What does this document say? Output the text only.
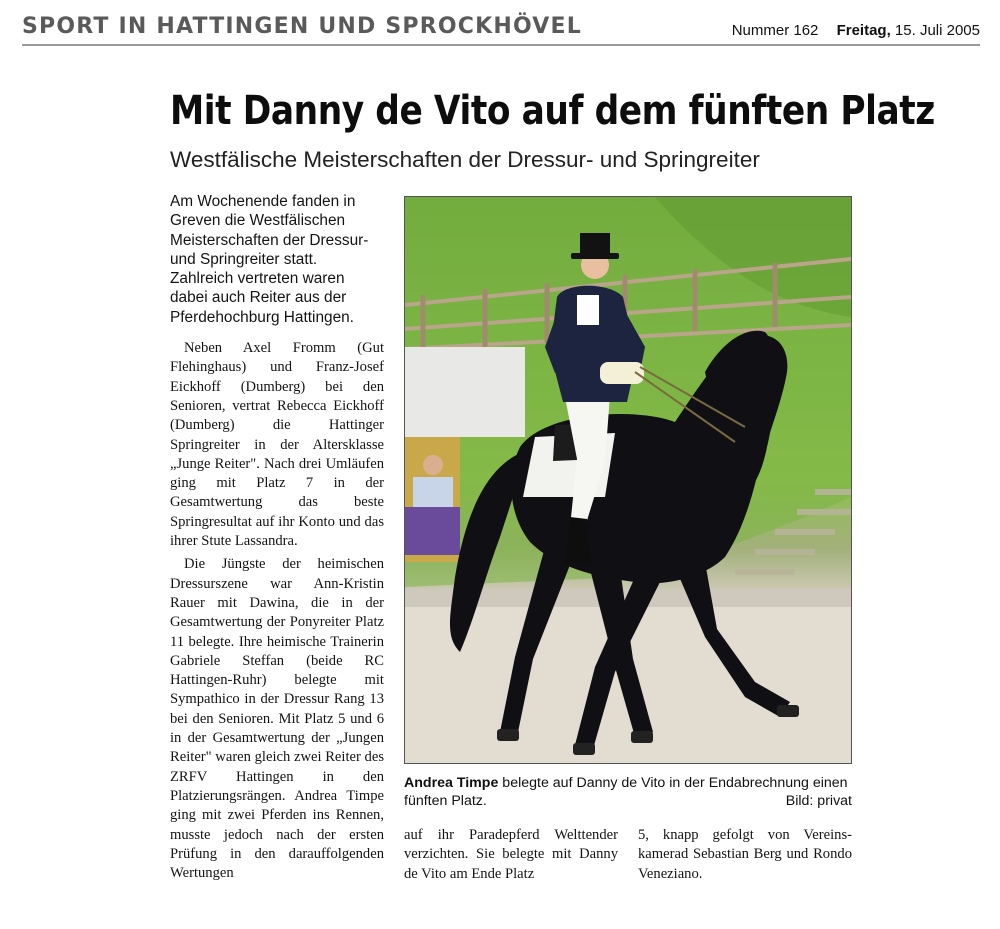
SPORT IN HATTINGEN UND SPROCKHÖVEL	Nummer 162 Freitag, 15. Juli 2005
Mit Danny de Vito auf dem fünften Platz
Westfälische Meisterschaften der Dressur- und Springreiter

Am Wochenende fanden in Greven die Westfälischen Meisterschaften der Dressur- und Springreiter statt. Zahlreich vertreten waren dabei auch Reiter aus der Pferdehochburg Hattingen.

Neben Axel Fromm (Gut Flehinghaus) und Franz-Josef Eickhoff (Dumberg) bei den Senioren, vertrat Rebecca Eickhoff (Dumberg) die Hattinger Springreiter in der Altersklasse „Junge Reiter". Nach drei Umläufen ging mit Platz 7 in der Gesamtwertung das beste Springresultat auf ihr Konto und das ihrer Stute Lassandra.

Die Jüngste der heimischen Dressurszene war Ann-Kristin Rauer mit Dawina, die in der Gesamtwertung der Ponyreiter Platz 11 belegte. Ihre heimische Trainerin Gabriele Steffan (beide RC Hattingen-Ruhr) belegte mit Sympathico in der Dressur Rang 13 bei den Senioren. Mit Platz 5 und 6 in der Gesamtwertung der „Jungen Reiter" waren gleich zwei Reiter des ZRFV Hattingen in den Platzierungsrängen. Andrea Timpe ging mit zwei Pferden ins Rennen, musste jedoch nach der ersten Prüfung in den darauffolgenden Wertungen

Andrea Timpe belegte auf Danny de Vito in der Endabrechnung einen fünften Platz.	Bild: privat

auf ihr Paradepferd Welttender verzichten. Sie belegte mit Danny de Vito am Ende Platz

5, knapp gefolgt von Vereinskamerad Sebastian Berg und Rondo Veneziano.
